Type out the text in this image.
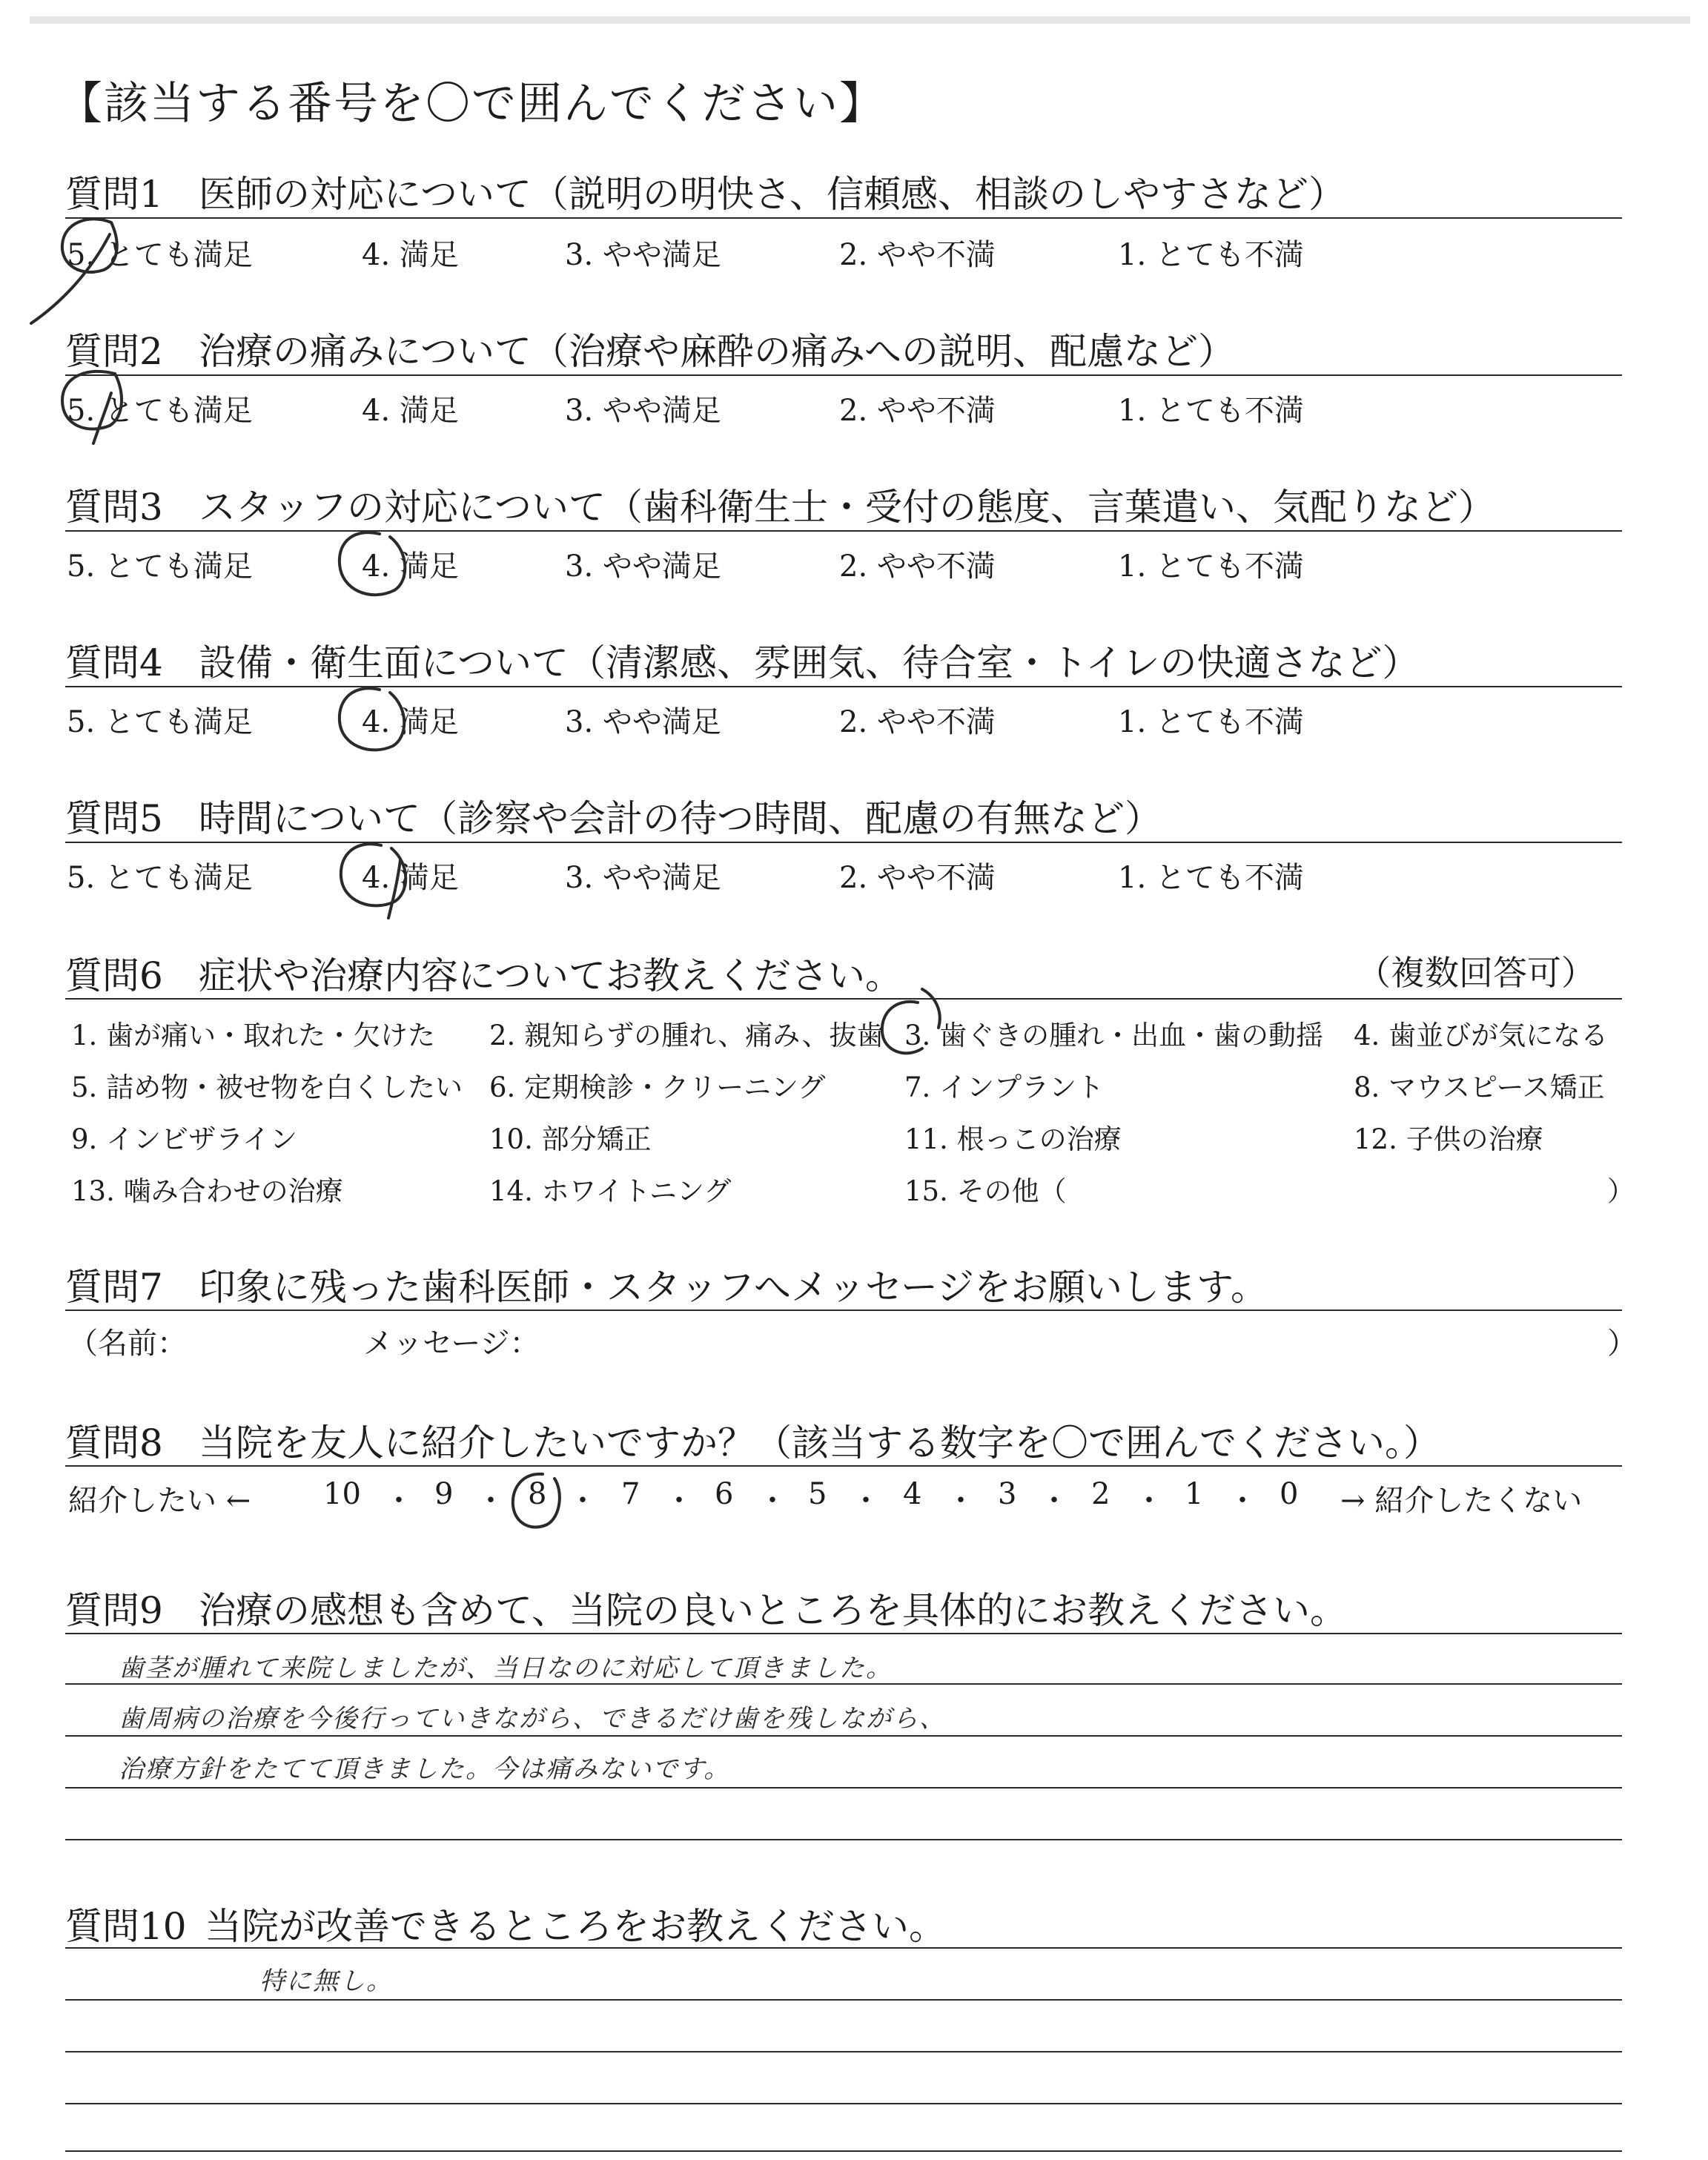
【該当する番号を〇で囲んでください】
質問1 医師の対応について（説明の明快さ、信頼感、相談のしやすさなど）
5. とても満足	4. 満足	3. やや満足	2. やや不満	1. とても不満
質問2 治療の痛みについて（治療や麻酔の痛みへの説明、配慮など）
5. とても満足	4. 満足	3. やや満足	2. やや不満	1. とても不満
質問3 スタッフの対応について（歯科衛生士・受付の態度、言葉遣い、気配りなど）
5. とても満足	4. 満足	3. やや満足	2. やや不満	1. とても不満
質問4 設備・衛生面について（清潔感、雰囲気、待合室・トイレの快適さなど）
5. とても満足	4. 満足	3. やや満足	2. やや不満	1. とても不満
質問5 時間について（診察や会計の待つ時間、配慮の有無など）
5. とても満足	4. 満足	3. やや満足	2. やや不満	1. とても不満
質問6 症状や治療内容についてお教えください。	（複数回答可）
1. 歯が痛い・取れた・欠けた 2. 親知らずの腫れ、痛み、抜歯 3. 歯ぐきの腫れ・出血・歯の動揺 4. 歯並びが気になる
5. 詰め物・被せ物を白くしたい 6. 定期検診・クリーニング	7. インプラント	8. マウスピース矯正
9. インビザライン	10. 部分矯正	11. 根っこの治療	12. 子供の治療
13. 噛み合わせの治療	14. ホワイトニング	15. その他（	）
質問7 印象に残った歯科医師・スタッフへメッセージをお願いします。
（名前：	メッセージ：	）
質問8 当院を友人に紹介したいですか？（該当する数字を〇で囲んでください。）
紹介したい ← 10 ・ 9 ・ 8 ・ 7 ・ 6 ・ 5 ・ 4 ・ 3 ・ 2 ・ 1 ・ 0 → 紹介したくない
質問9 治療の感想も含めて、当院の良いところを具体的にお教えください。
歯茎が腫れて来院しましたが、当日なのに対応して頂きました。
歯周病の治療を今後行っていきながら、できるだけ歯を残しながら、
治療方針をたてて頂きました。今は痛みないです。
質問10 当院が改善できるところをお教えください。
特に無し。
